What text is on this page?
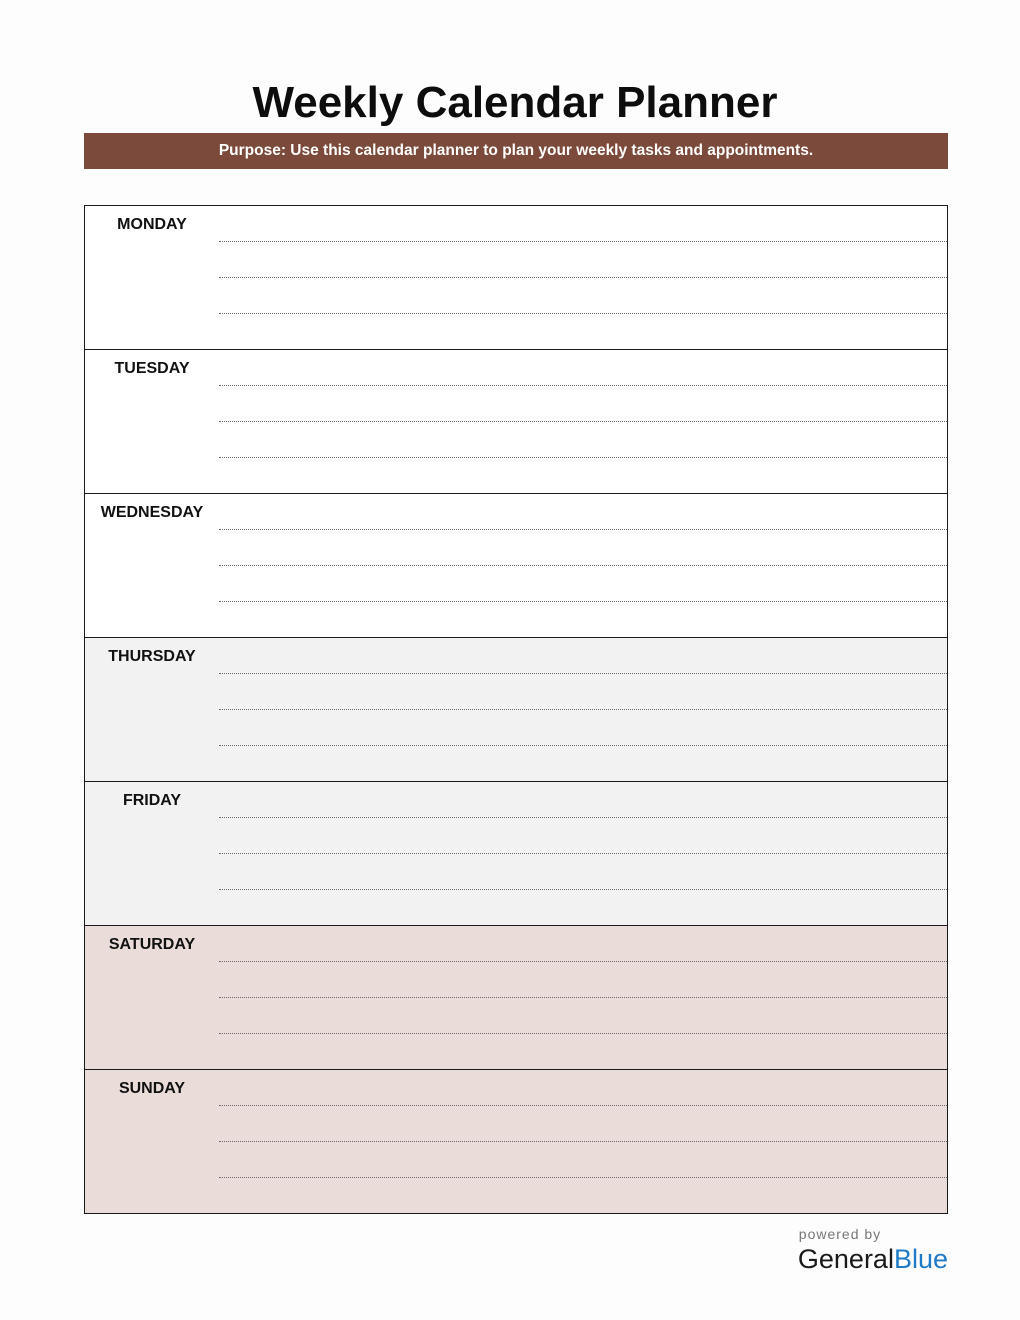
Weekly Calendar Planner
Purpose: Use this calendar planner to plan your weekly tasks and appointments.
MONDAY
TUESDAY
WEDNESDAY
THURSDAY
FRIDAY
SATURDAY
SUNDAY
powered by
GeneralBlue
